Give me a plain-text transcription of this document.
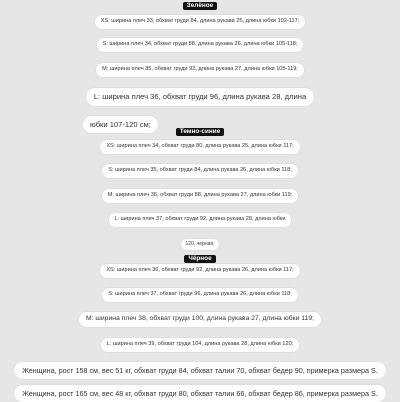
Зелёное
XS: ширина плеч 33, обхват груди 84, длина рукава 25, длина юбки 102-117;
S: ширина плеч 34, обхват груди 88, длина рукава 26, длина юбки 105-118;
M: ширина плеч 35, обхват груди 92, длина рукава 27, длина юбки 105-119;
L: ширина плеч 36, обхват груди 96, длина рукава 28, длина
юбки 107-120 см;
Темно-синие
XS: ширина плеч 34, обхват груди 80, длина рукава 25, длина юбки 117;
S: ширина плеч 35, обхват груди 84, длина рукава 26, длина юбки 118;
M: ширина плеч 36, обхват груди 88, длина рукава 27, длина юбки 119;
L: ширина плеч 37, обхват груди 92, длина рукава 28, длина юбки
120, черная;
Чёрное
XS: ширина плеч 36, обхват груди 92, длина рукава 26, длина юбки 117;
S: ширина плеч 37, обхват груди 96, длина рукава 26, длина юбки 118;
M: ширина плеч 38, обхват груди 100, длина рукава 27, длина юбки 119;
L: ширина плеч 39, обхват груди 104, длина рукава 28, длина юбки 120;
Женщина, рост 158 см, вес 51 кг, обхват груди 84, обхват талии 70, обхват бедер 90, примерка размера S.
Женщина, рост 165 см, вес 48 кг, обхват груди 80, обхват талии 66, обхват бедер 86, примерка размера S.
